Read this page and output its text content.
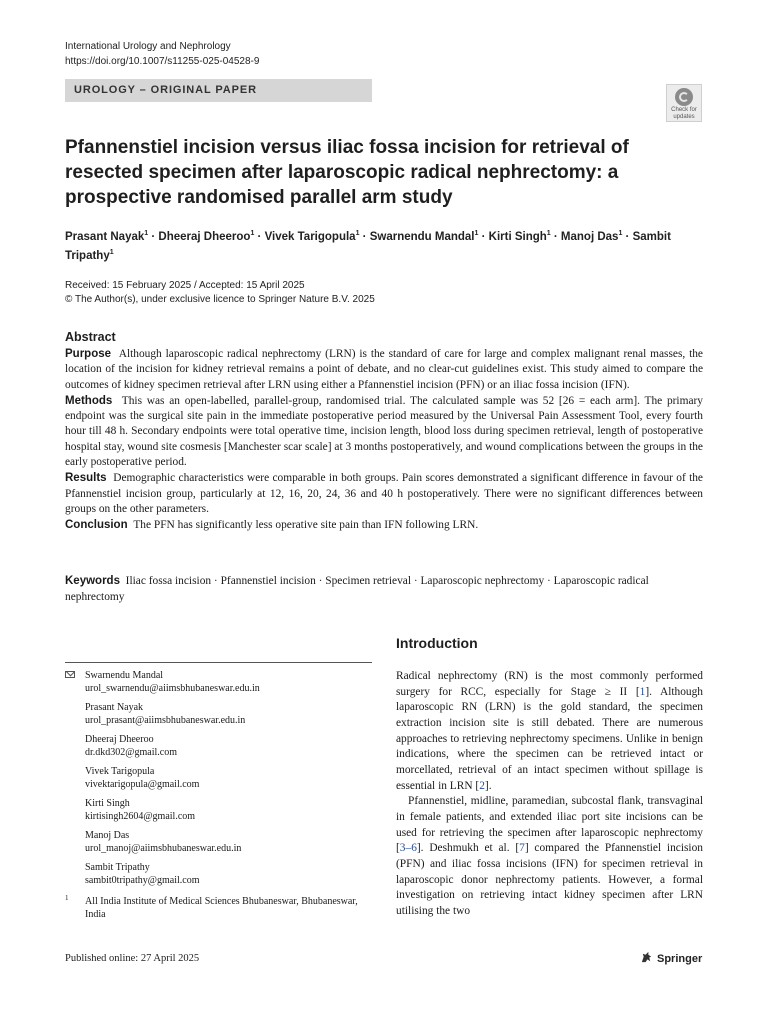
International Urology and Nephrology
https://doi.org/10.1007/s11255-025-04528-9
UROLOGY – ORIGINAL PAPER
Check for
updates
Pfannenstiel incision versus iliac fossa incision for retrieval of resected specimen after laparoscopic radical nephrectomy: a prospective randomised parallel arm study
Prasant Nayak$^1$ · Dheeraj Dheeroo$^1$ · Vivek Tarigopula$^1$ · Swarnendu Mandal$^1$ · Kirti Singh$^1$ · Manoj Das$^1$ · Sambit Tripathy$^1$
Received: 15 February 2025 / Accepted: 15 April 2025
© The Author(s), under exclusive licence to Springer Nature B.V. 2025
Abstract

Purpose Although laparoscopic radical nephrectomy (LRN) is the standard of care for large and complex malignant renal masses, the location of the incision for kidney retrieval remains a point of debate, and no clear-cut guidelines exist. This study aimed to compare the outcomes of kidney specimen retrieval after LRN using either a Pfannenstiel incision (PFN) or an iliac fossa incision (IFN).

Methods This was an open-labelled, parallel-group, randomised trial. The calculated sample was 52 [26 = each arm]. The primary endpoint was the surgical site pain in the immediate postoperative period measured by the Universal Pain Assessment Tool, every fourth hour till 48 h. Secondary endpoints were total operative time, incision length, blood loss during specimen retrieval, length of postoperative hospital stay, wound site cosmesis [Manchester scar scale] at 3 months postoperatively, and wound complications between the groups in the early postoperative period.

Results Demographic characteristics were comparable in both groups. Pain scores demonstrated a significant difference in favour of the Pfannenstiel incision group, particularly at 12, 16, 20, 24, 36 and 40 h postoperatively. There were no significant differences between groups on the other parameters.

Conclusion The PFN has significantly less operative site pain than IFN following LRN.

Keywords Iliac fossa incision · Pfannenstiel incision · Specimen retrieval · Laparoscopic nephrectomy · Laparoscopic radical nephrectomy
Swarnendu Mandal
urol_swarnendu@aiimsbhubaneswar.edu.in
Prasant Nayak
urol_prasant@aiimsbhubaneswar.edu.in
Dheeraj Dheeroo
dr.dkd302@gmail.com
Vivek Tarigopula
vivektarigopula@gmail.com
Kirti Singh
kirtisingh2604@gmail.com
Manoj Das
urol_manoj@aiimsbhubaneswar.edu.in
Sambit Tripathy
sambit0tripathy@gmail.com
1 All India Institute of Medical Sciences Bhubaneswar, Bhubaneswar, India
Introduction

Radical nephrectomy (RN) is the most commonly performed surgery for RCC, especially for Stage ≥ II [1]. Although laparoscopic RN (LRN) is the gold standard, the specimen extraction incision site is still debated. There are numerous approaches to retrieving nephrectomy specimens. Unlike in benign indications, where the specimen can be retrieved intact or morcellated, retrieval of an intact specimen without spillage is essential in LRN [2].

Pfannenstiel, midline, paramedian, subcostal flank, transvaginal in female patients, and extended iliac port site incisions can be used for retrieving the specimen after laparoscopic nephrectomy [3–6]. Deshmukh et al. [7] compared the Pfannenstiel incision (PFN) and iliac fossa incisions (IFN) for specimen retrieval in laparoscopic donor nephrectomy patients. However, a formal investigation on retrieving intact kidney specimen after LRN utilising the two

Published online: 27 April 2025	Springer
